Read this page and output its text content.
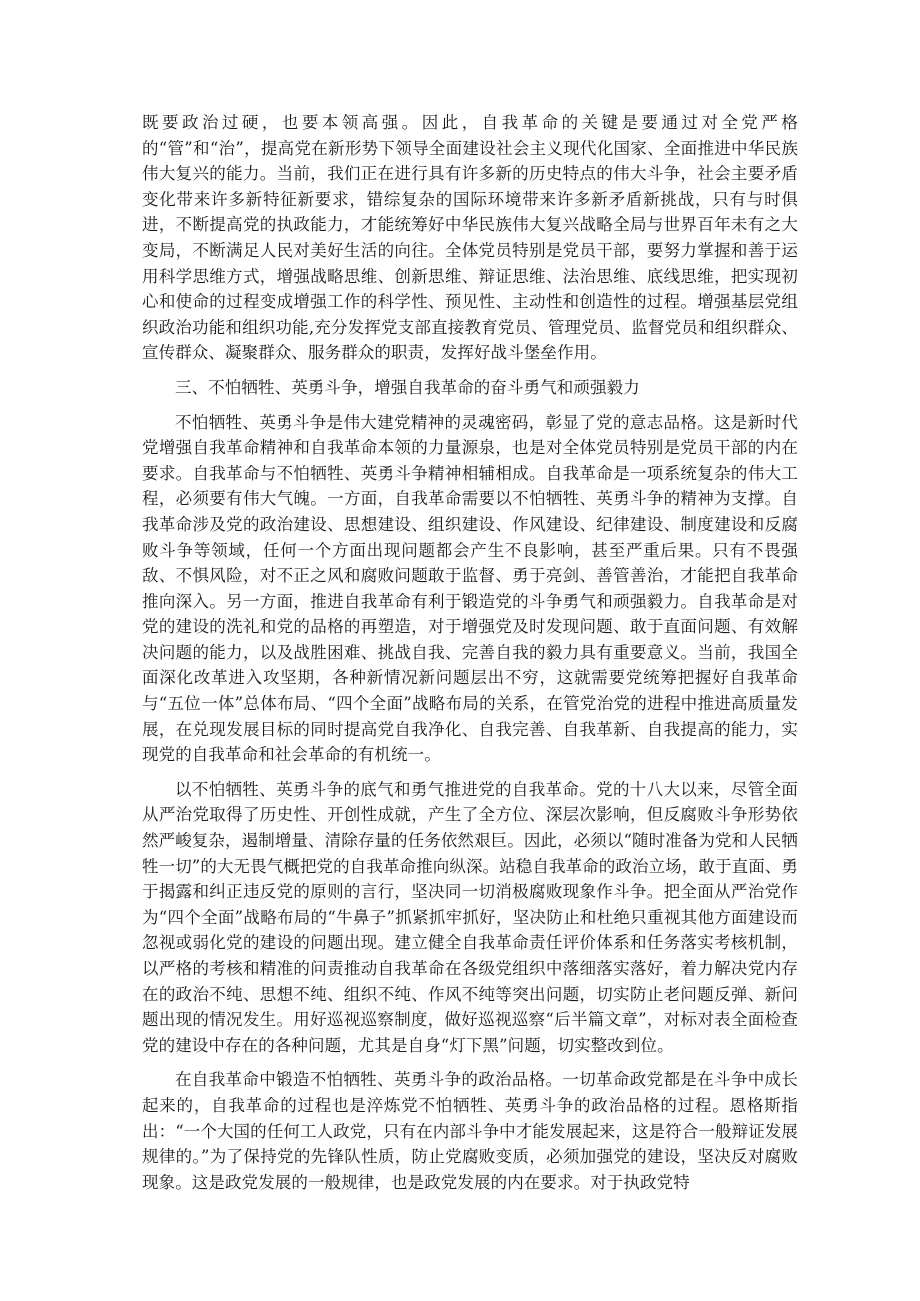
既要政治过硬，也要本领高强。因此，自我革命的关键是要通过对全党严格的“管”和“治”，提高党在新形势下领导全面建设社会主义现代化国家、全面推进中华民族伟大复兴的能力。当前，我们正在进行具有许多新的历史特点的伟大斗争，社会主要矛盾变化带来许多新特征新要求，错综复杂的国际环境带来许多新矛盾新挑战，只有与时俱进，不断提高党的执政能力，才能统筹好中华民族伟大复兴战略全局与世界百年未有之大变局，不断满足人民对美好生活的向往。全体党员特别是党员干部，要努力掌握和善于运用科学思维方式，增强战略思维、创新思维、辩证思维、法治思维、底线思维，把实现初心和使命的过程变成增强工作的科学性、预见性、主动性和创造性的过程。增强基层党组织政治功能和组织功能,充分发挥党支部直接教育党员、管理党员、监督党员和组织群众、宣传群众、凝聚群众、服务群众的职责，发挥好战斗堡垒作用。

三、不怕牺牲、英勇斗争，增强自我革命的奋斗勇气和顽强毅力

不怕牺牲、英勇斗争是伟大建党精神的灵魂密码，彰显了党的意志品格。这是新时代党增强自我革命精神和自我革命本领的力量源泉，也是对全体党员特别是党员干部的内在要求。自我革命与不怕牺牲、英勇斗争精神相辅相成。自我革命是一项系统复杂的伟大工程，必须要有伟大气魄。一方面，自我革命需要以不怕牺牲、英勇斗争的精神为支撑。自我革命涉及党的政治建设、思想建设、组织建设、作风建设、纪律建设、制度建设和反腐败斗争等领域，任何一个方面出现问题都会产生不良影响，甚至严重后果。只有不畏强敌、不惧风险，对不正之风和腐败问题敢于监督、勇于亮剑、善管善治，才能把自我革命推向深入。另一方面，推进自我革命有利于锻造党的斗争勇气和顽强毅力。自我革命是对党的建设的洗礼和党的品格的再塑造，对于增强党及时发现问题、敢于直面问题、有效解决问题的能力，以及战胜困难、挑战自我、完善自我的毅力具有重要意义。当前，我国全面深化改革进入攻坚期，各种新情况新问题层出不穷，这就需要党统筹把握好自我革命与“五位一体”总体布局、“四个全面”战略布局的关系，在管党治党的进程中推进高质量发展，在兑现发展目标的同时提高党自我净化、自我完善、自我革新、自我提高的能力，实现党的自我革命和社会革命的有机统一。

以不怕牺牲、英勇斗争的底气和勇气推进党的自我革命。党的十八大以来，尽管全面从严治党取得了历史性、开创性成就，产生了全方位、深层次影响，但反腐败斗争形势依然严峻复杂，遏制增量、清除存量的任务依然艰巨。因此，必须以“随时准备为党和人民牺牲一切”的大无畏气概把党的自我革命推向纵深。站稳自我革命的政治立场，敢于直面、勇于揭露和纠正违反党的原则的言行，坚决同一切消极腐败现象作斗争。把全面从严治党作为“四个全面”战略布局的“牛鼻子”抓紧抓牢抓好，坚决防止和杜绝只重视其他方面建设而忽视或弱化党的建设的问题出现。建立健全自我革命责任评价体系和任务落实考核机制，以严格的考核和精准的问责推动自我革命在各级党组织中落细落实落好，着力解决党内存在的政治不纯、思想不纯、组织不纯、作风不纯等突出问题，切实防止老问题反弹、新问题出现的情况发生。用好巡视巡察制度，做好巡视巡察“后半篇文章”，对标对表全面检查党的建设中存在的各种问题，尤其是自身“灯下黑”问题，切实整改到位。

在自我革命中锻造不怕牺牲、英勇斗争的政治品格。一切革命政党都是在斗争中成长起来的，自我革命的过程也是淬炼党不怕牺牲、英勇斗争的政治品格的过程。恩格斯指出：“一个大国的任何工人政党，只有在内部斗争中才能发展起来，这是符合一般辩证发展规律的。”为了保持党的先锋队性质，防止党腐败变质，必须加强党的建设，坚决反对腐败现象。这是政党发展的一般规律，也是政党发展的内在要求。对于执政党特
